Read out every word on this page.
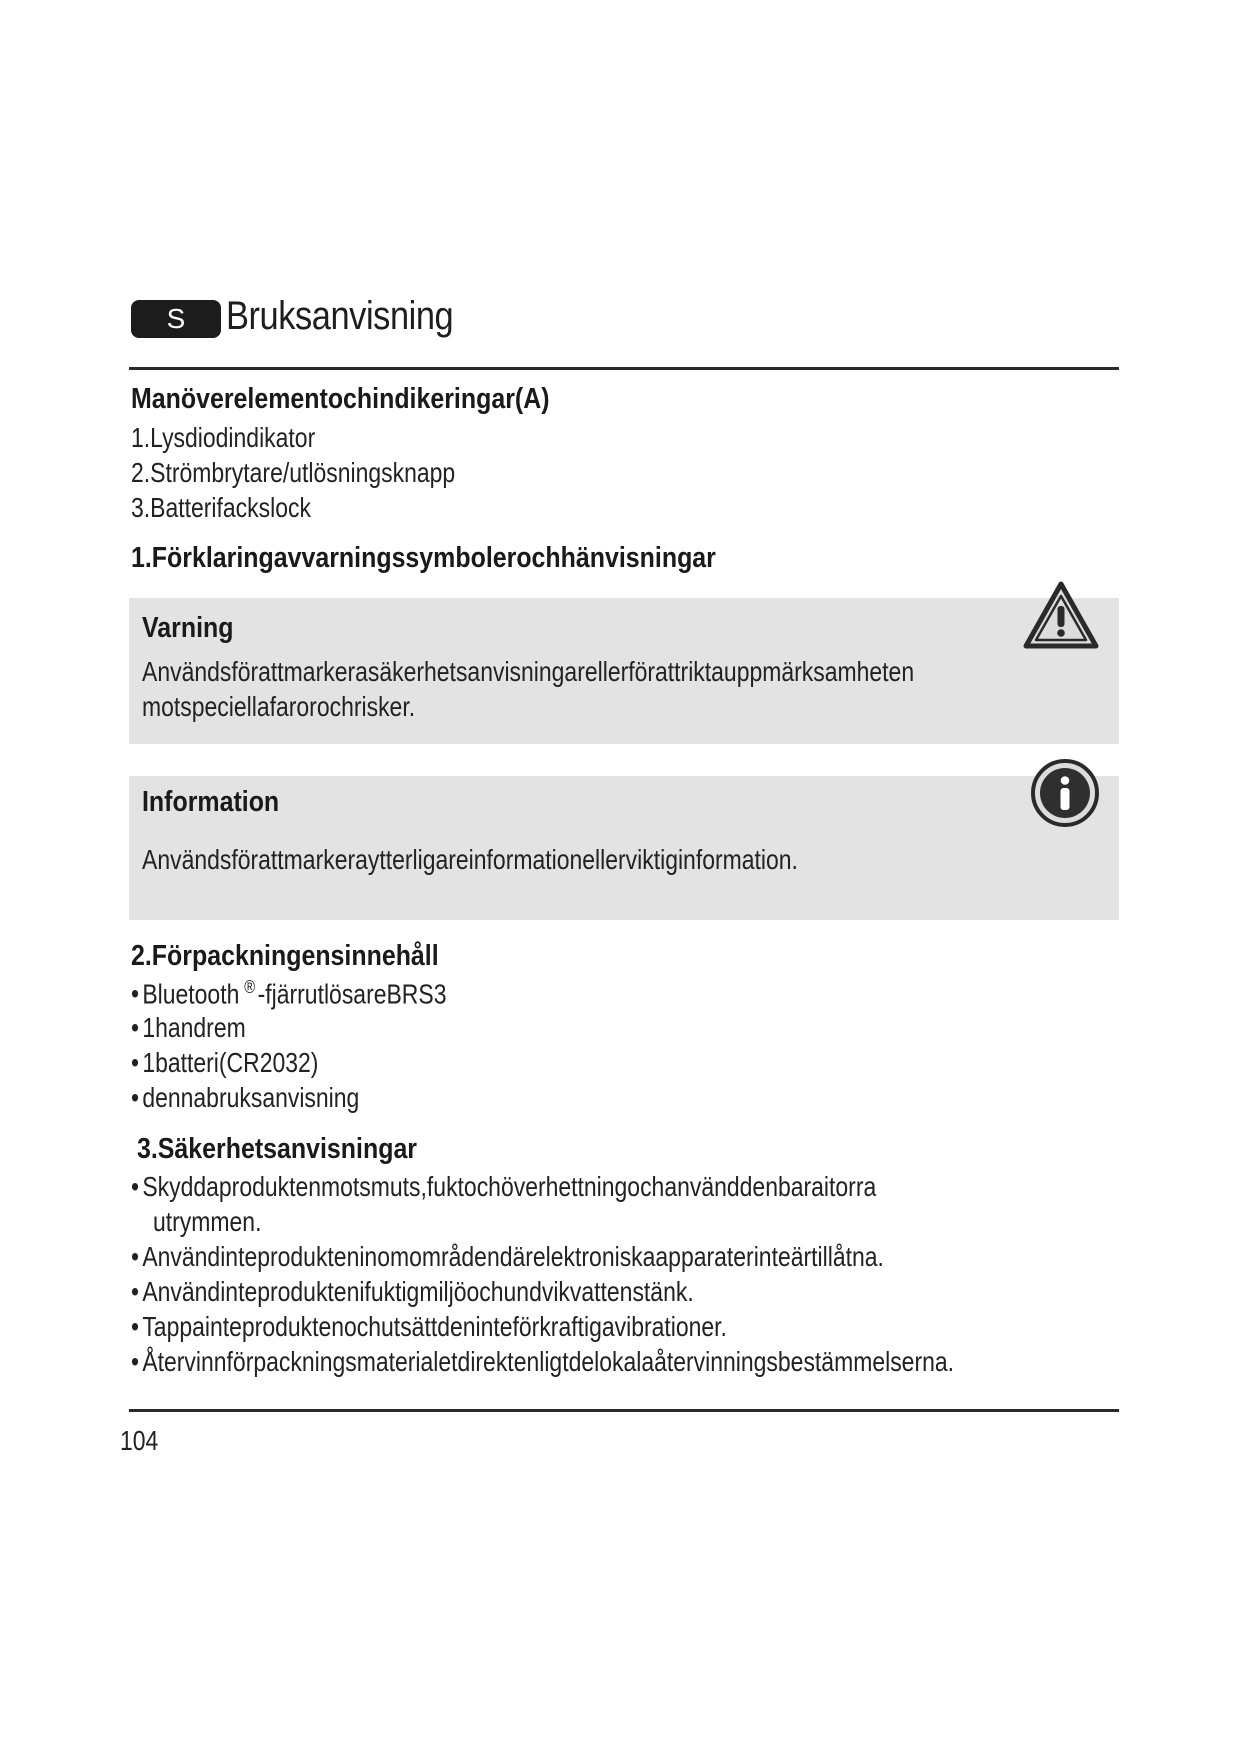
S	Bruksanvisning
Manöverelementochindikeringar(A)
1.Lysdiodindikator
2.Strömbrytare/utlösningsknapp
3.Batterifackslock
1.Förklaringavvarningssymbolerochhänvisningar
Varning
Användsförattmarkerasäkerhetsanvisningarellerförattriktauppmärksamheten
motspeciellafarorochrisker.
Information
Användsförattmarkeraytterligareinformationellerviktiginformation.
2.Förpackningensinnehåll
• Bluetooth ®-fjärrutlösareBRS3
• 1handrem
• 1batteri(CR2032)
• dennabruksanvisning
3.Säkerhetsanvisningar
• Skyddaproduktenmotsmuts,fuktochöverhettningochanvänddenbaraitorra
utrymmen.
• Användinteprodukteninomområdendärelektroniskaapparaterinteärtillåtna.
• Användinteproduktenifuktigmiljöochundvikvattenstänk.
• Tappainteproduktenochutsättdeninteförkraftigavibrationer.
• Återvinnförpackningsmaterialetdirektenligtdelokalaåtervinningsbestämmelserna.
104
